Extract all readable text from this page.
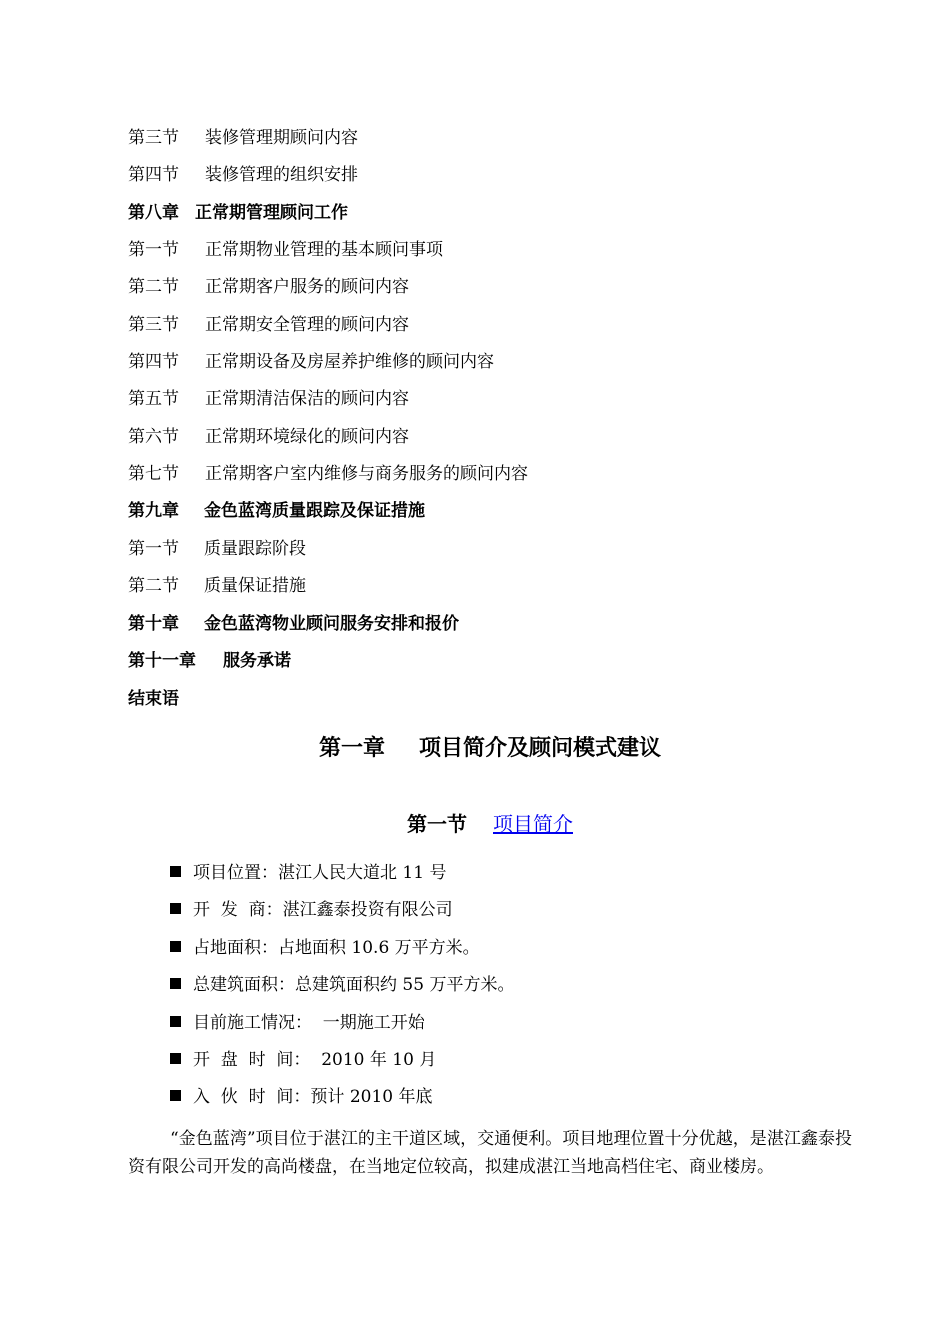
第三节 装修管理期顾问内容
第四节 装修管理的组织安排
第八章 正常期管理顾问工作
第一节 正常期物业管理的基本顾问事项
第二节 正常期客户服务的顾问内容
第三节 正常期安全管理的顾问内容
第四节 正常期设备及房屋养护维修的顾问内容
第五节 正常期清洁保洁的顾问内容
第六节 正常期环境绿化的顾问内容
第七节 正常期客户室内维修与商务服务的顾问内容
第九章 金色蓝湾质量跟踪及保证措施
第一节 质量跟踪阶段
第二节 质量保证措施
第十章 金色蓝湾物业顾问服务安排和报价
第十一章 服务承诺
结束语
第一章 项目简介及顾问模式建议
第一节 项目简介
项目位置：湛江人民大道北 11 号
开  发  商：湛江鑫泰投资有限公司
占地面积：占地面积 10.6 万平方米。
总建筑面积：总建筑面积约 55 万平方米。
目前施工情况：  一期施工开始
开  盘  时  间：  2010 年 10 月
入  伙  时  间：预计 2010 年底

“金色蓝湾”项目位于湛江的主干道区域，交通便利。项目地理位置十分优越，是湛江鑫泰投资有限公司开发的高尚楼盘，在当地定位较高，拟建成湛江当地高档住宅、商业楼房。
